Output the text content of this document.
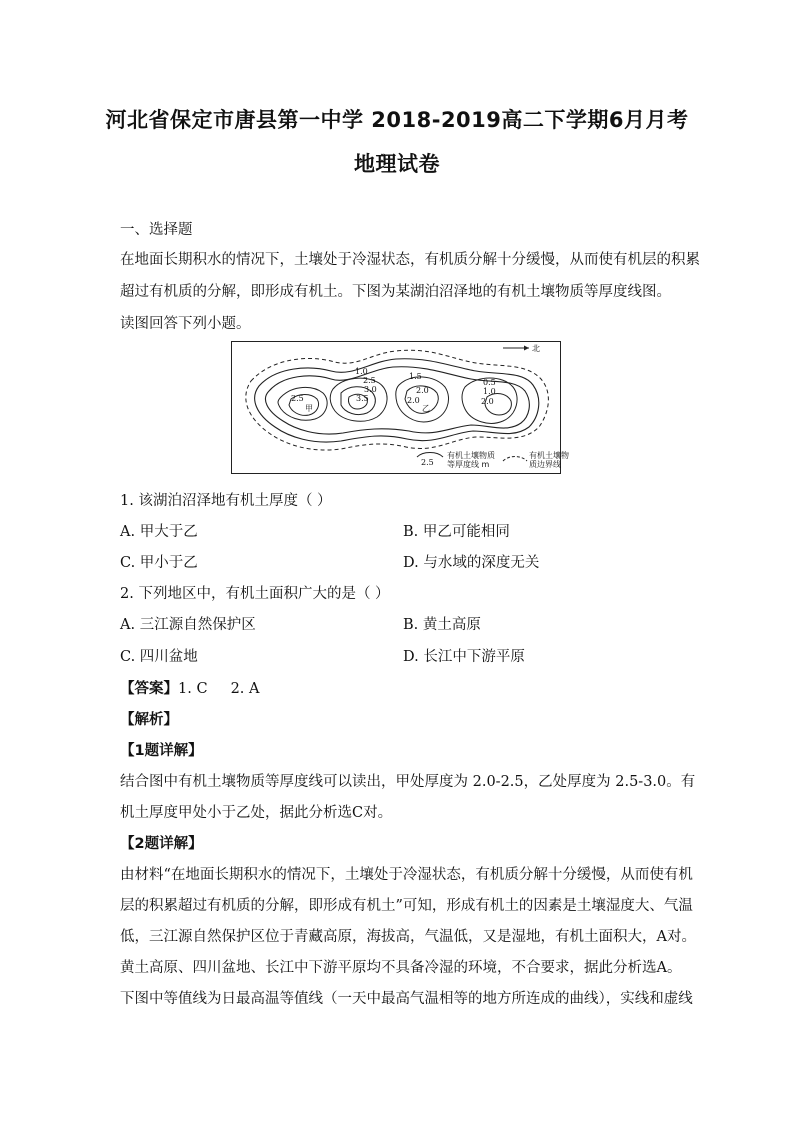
河北省保定市唐县第一中学 2018-2019高二下学期6月月考
地理试卷
一、选择题
在地面长期积水的情况下，土壤处于冷湿状态，有机质分解十分缓慢，从而使有机层的积累
超过有机质的分解，即形成有机土。下图为某湖泊沼泽地的有机土壤物质等厚度线图。
读图回答下列小题。
北
1.0
1.5
2.5
3.0
3.5
2.5
2.0
2.0
0.5
1.0
2.0
甲	乙
2.5
有机土壤物质
等厚度线 m
有机土壤物
质边界线
1. 该湖泊沼泽地有机土厚度（ ）
A. 甲大于乙	B. 甲乙可能相同
C. 甲小于乙	D. 与水域的深度无关
2. 下列地区中，有机土面积广大的是（ ）
A. 三江源自然保护区	B. 黄土高原
C. 四川盆地	D. 长江中下游平原
【答案】1. C     2. A
【解析】
【1题详解】
结合图中有机土壤物质等厚度线可以读出，甲处厚度为 2.0-2.5，乙处厚度为 2.5-3.0。有
机土厚度甲处小于乙处，据此分析选C对。
【2题详解】
由材料“在地面长期积水的情况下，土壤处于冷湿状态，有机质分解十分缓慢，从而使有机
层的积累超过有机质的分解，即形成有机土”可知，形成有机土的因素是土壤湿度大、气温
低，三江源自然保护区位于青藏高原，海拔高，气温低，又是湿地，有机土面积大，A对。
黄土高原、四川盆地、长江中下游平原均不具备冷湿的环境，不合要求，据此分析选A。
下图中等值线为日最高温等值线（一天中最高气温相等的地方所连成的曲线），实线和虚线
